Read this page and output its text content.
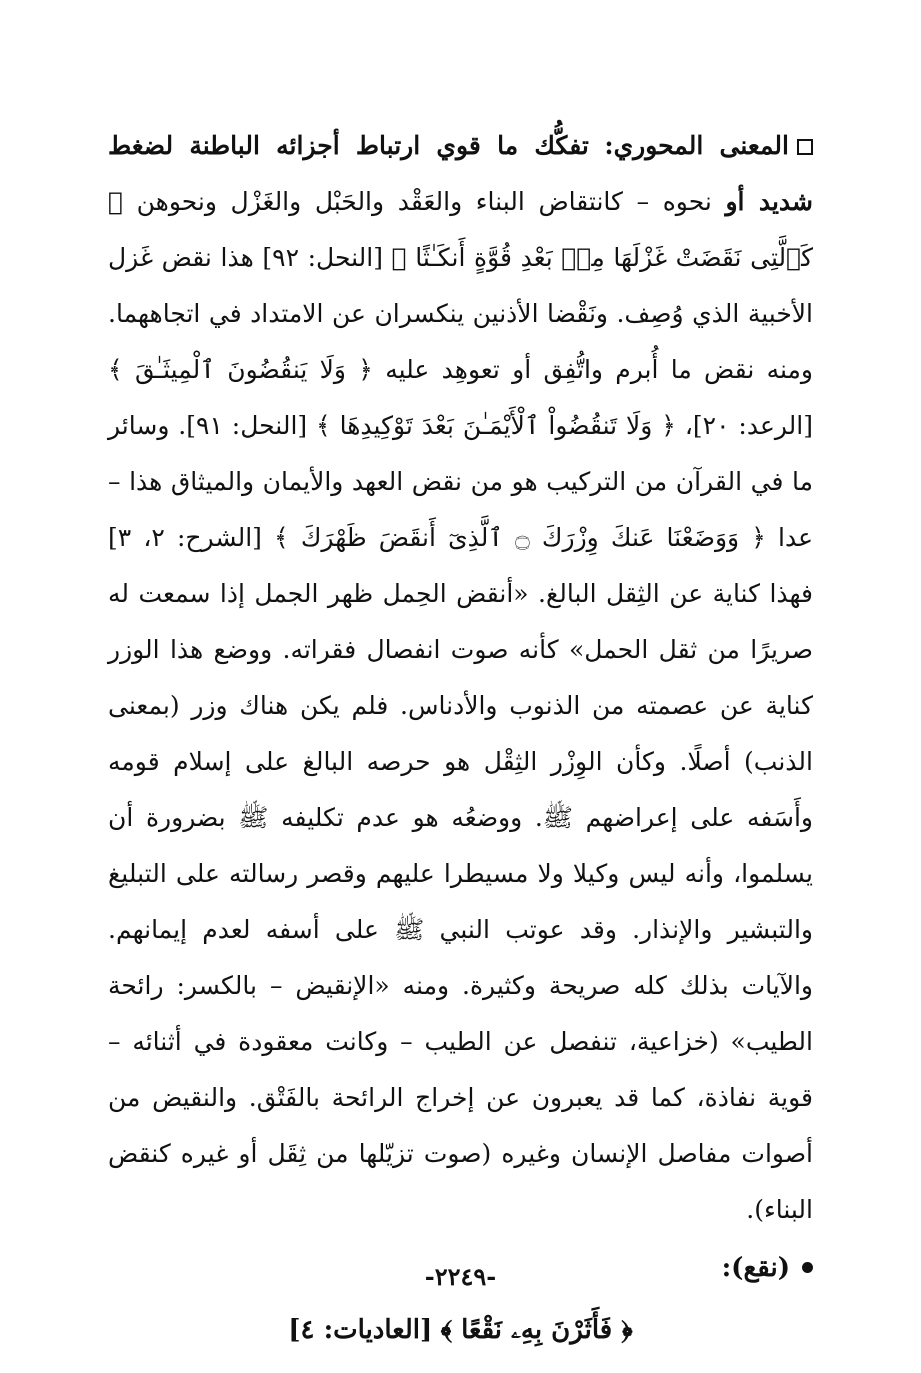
المعنى المحوري: تفكُّك ما قوي ارتباط أجزائه الباطنة لضغط شديد أو نحوه – كانتقاض البناء والعَقْد والحَبْل والغَزْل ونحوهن ﴿ كَٱلَّتِى نَقَضَتْ غَزْلَهَا مِنۢ بَعْدِ قُوَّةٍ أَنكَـٰثًا ﴾ [النحل: ٩٢] هذا نقض غَزل الأخبية الذي وُصِف. ونَقْضا الأذنين ينكسران عن الامتداد في اتجاههما. ومنه نقض ما أُبرم واتُّفِق أو تعوهِد عليه ﴿ وَلَا يَنقُضُونَ ٱلْمِيثَـٰقَ ﴾ [الرعد: ٢٠]، ﴿ وَلَا تَنقُضُواْ ٱلْأَيْمَـٰنَ بَعْدَ تَوْكِيدِهَا ﴾ [النحل: ٩١]. وسائر ما في القرآن من التركيب هو من نقض العهد والأيمان والميثاق هذا – عدا ﴿ وَوَضَعْنَا عَنكَ وِزْرَكَ ۝ ٱلَّذِىٓ أَنقَضَ ظَهْرَكَ ﴾ [الشرح: ٢، ٣] فهذا كناية عن الثِقل البالغ. «أنقض الحِمل ظهر الجمل إذا سمعت له صريرًا من ثقل الحمل» كأنه صوت انفصال فقراته. ووضع هذا الوزر كناية عن عصمته من الذنوب والأدناس. فلم يكن هناك وزر (بمعنى الذنب) أصلًا. وكأن الوِزْر الثِقْل هو حرصه البالغ على إسلام قومه وأَسَفه على إعراضهم ﷺ. ووضعُه هو عدم تكليفه ﷺ بضرورة أن يسلموا، وأنه ليس وكيلا ولا مسيطرا عليهم وقصر رسالته على التبليغ والتبشير والإنذار. وقد عوتب النبي ﷺ على أسفه لعدم إيمانهم. والآيات بذلك كله صريحة وكثيرة. ومنه «الإنقيض – بالكسر: رائحة الطيب» (خزاعية، تنفصل عن الطيب – وكانت معقودة في أثنائه – قوية نفاذة، كما قد يعبرون عن إخراج الرائحة بالفَتْق. والنقيض من أصوات مفاصل الإنسان وغيره (صوت تزيّلها من ثِقَل أو غيره كنقض البناء).

(نقع):
﴿ فَأَثَرْنَ بِهِۦ نَقْعًا ﴾ [العاديات: ٤]
-٢٢٤٩-
